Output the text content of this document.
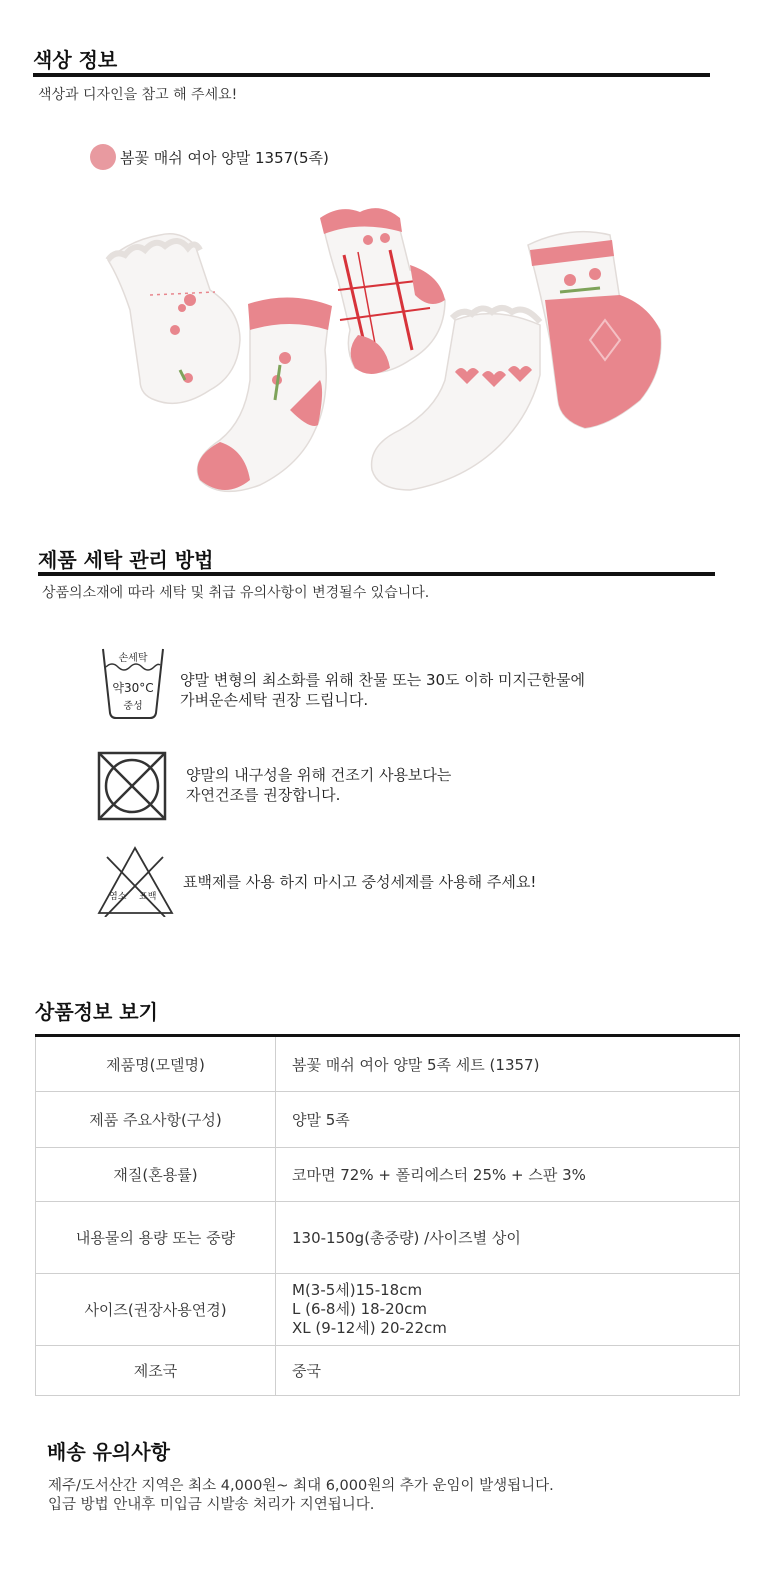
색상 정보
색상과 디자인을 참고 해 주세요!
봄꽃 매쉬 여아 양말 1357(5족)
제품 세탁 관리 방법
상품의소재에 따라 세탁 및 취급 유의사항이 변경될수 있습니다.
손세탁
약30°C
중성
양말 변형의 최소화를 위해 찬물 또는 30도 이하 미지근한물에
가벼운손세탁 권장 드립니다.
양말의 내구성을 위해 건조기 사용보다는
자연건조를 권장합니다.
염소 표백
표백제를 사용 하지 마시고 중성세제를 사용해 주세요!
상품정보 보기
제품명(모델명)	봄꽃 매쉬 여아 양말 5족 세트 (1357)
제품 주요사항(구성)	양말 5족
재질(혼용률)	코마면 72% + 폴리에스터 25% + 스판 3%
내용물의 용량 또는 중량	130-150g(총중량) /사이즈별 상이
사이즈(권장사용연경)	M(3-5세)15-18cm
L (6-8세) 18-20cm
XL (9-12세) 20-22cm

제조국	중국
배송 유의사항
제주/도서산간 지역은 최소 4,000원~ 최대 6,000원의 추가 운임이 발생됩니다.
입금 방법 안내후 미입금 시발송 처리가 지연됩니다.
